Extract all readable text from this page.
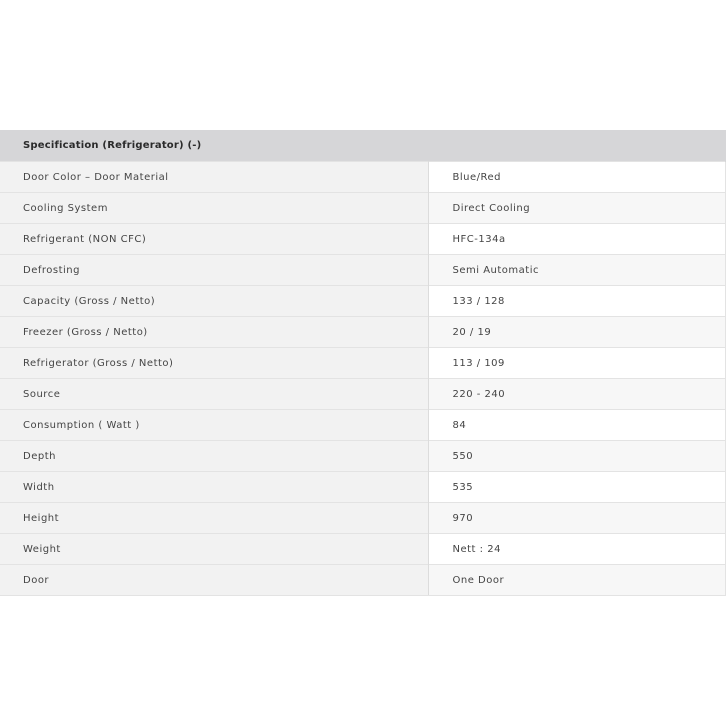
Specification (Refrigerator) (-)	
Door Color – Door Material	Blue/Red
Cooling System	Direct Cooling
Refrigerant (NON CFC)	HFC-134a
Defrosting	Semi Automatic
Capacity (Gross / Netto)	133 / 128
Freezer (Gross / Netto)	20 / 19
Refrigerator (Gross / Netto)	113 / 109
Source	220 - 240
Consumption ( Watt )	84
Depth	550
Width	535
Height	970
Weight	Nett : 24
Door	One Door
